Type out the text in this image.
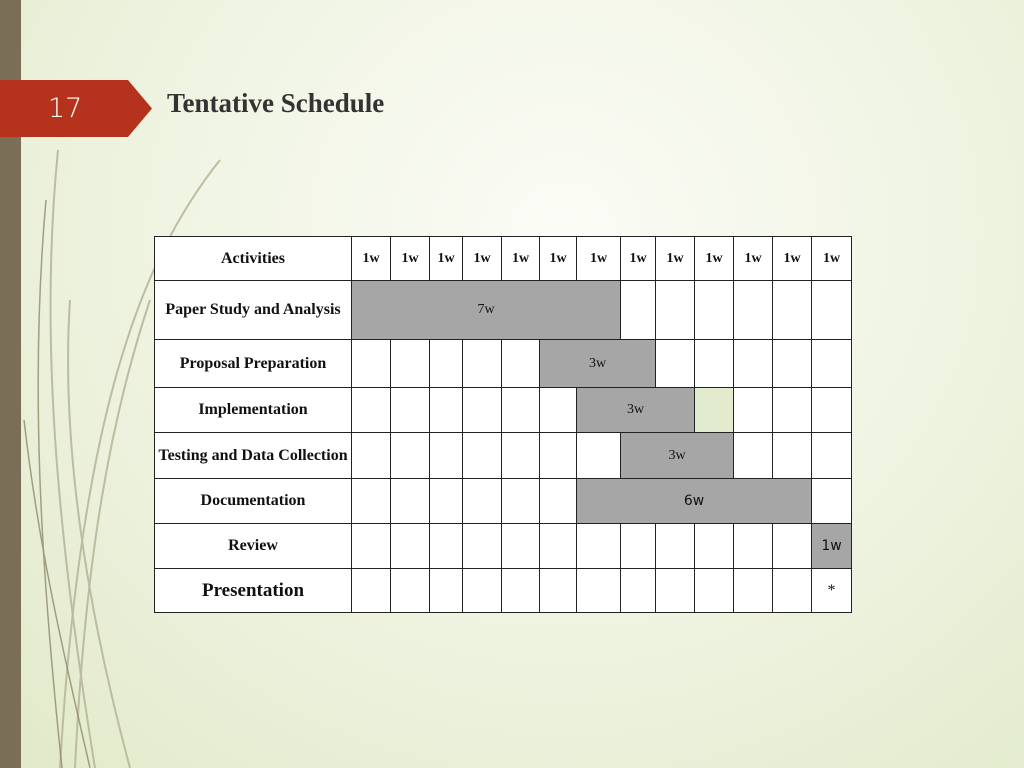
17	Tentative Schedule
Activities	1w	1w	1w	1w	1w	1w	1w	1w	1w	1w	1w	1w	1w
Paper Study and Analysis	7w												
Proposal Preparation						3w							
Implementation							3w						
Testing and Data Collection								3w					
Documentation							6w						
Review													1w
Presentation													*
